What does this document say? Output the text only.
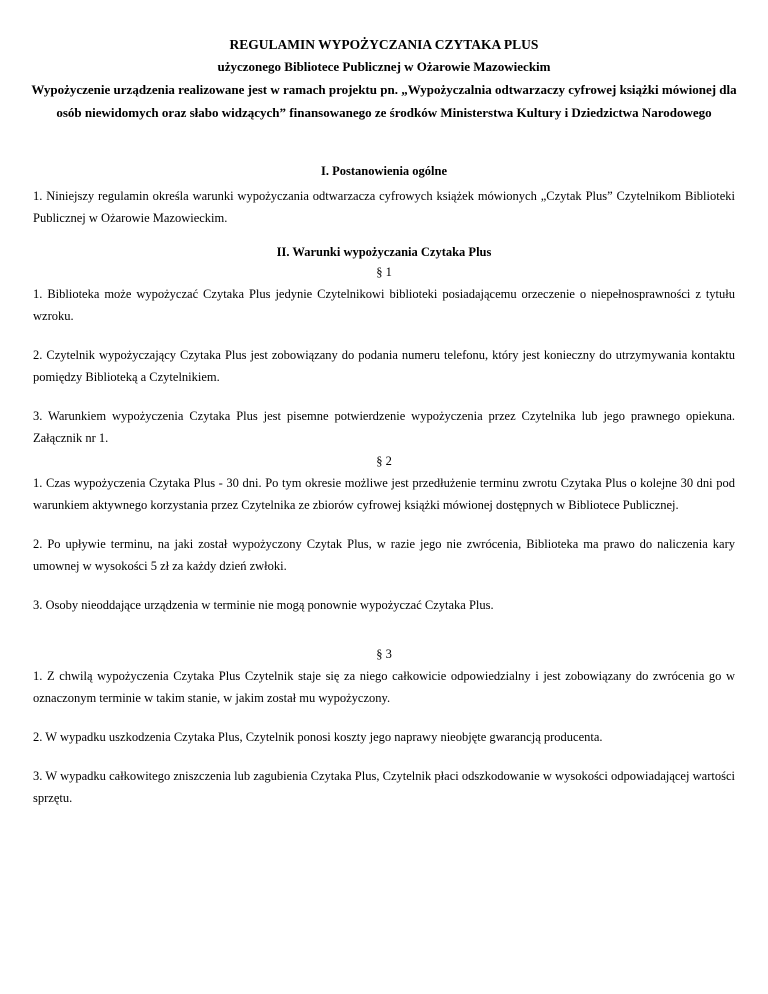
REGULAMIN WYPOŻYCZANIA CZYTAKA PLUS

użyczonego Bibliotece Publicznej w Ożarowie Mazowieckim

Wypożyczenie urządzenia realizowane jest w ramach projektu pn. „Wypożyczalnia odtwarzaczy cyfrowej książki mówionej dla osób niewidomych oraz słabo widzących” finansowanego ze środków Ministerstwa Kultury i Dziedzictwa Narodowego

I. Postanowienia ogólne

1. Niniejszy regulamin określa warunki wypożyczania odtwarzacza cyfrowych książek mówionych „Czytak Plus” Czytelnikom Biblioteki Publicznej w Ożarowie Mazowieckim.

II. Warunki wypożyczania Czytaka Plus

§ 1

1. Biblioteka może wypożyczać Czytaka Plus jedynie Czytelnikowi biblioteki posiadającemu orzeczenie o niepełnosprawności z tytułu wzroku.

2. Czytelnik wypożyczający Czytaka Plus jest zobowiązany do podania numeru telefonu, który jest konieczny do utrzymywania kontaktu pomiędzy Biblioteką a Czytelnikiem.

3. Warunkiem wypożyczenia Czytaka Plus jest pisemne potwierdzenie wypożyczenia przez Czytelnika lub jego prawnego opiekuna. Załącznik nr 1.

§ 2

1. Czas wypożyczenia Czytaka Plus - 30 dni. Po tym okresie możliwe jest przedłużenie terminu zwrotu Czytaka Plus o kolejne 30 dni pod warunkiem aktywnego korzystania przez Czytelnika ze zbiorów cyfrowej książki mówionej dostępnych w Bibliotece Publicznej.

2. Po upływie terminu, na jaki został wypożyczony Czytak Plus, w razie jego nie zwrócenia, Biblioteka ma prawo do naliczenia kary umownej w wysokości 5 zł za każdy dzień zwłoki.

3. Osoby nieoddające urządzenia w terminie nie mogą ponownie wypożyczać Czytaka Plus.

§ 3

1. Z chwilą wypożyczenia Czytaka Plus Czytelnik staje się za niego całkowicie odpowiedzialny i jest zobowiązany do zwrócenia go w oznaczonym terminie w takim stanie, w jakim został mu wypożyczony.

2. W wypadku uszkodzenia Czytaka Plus, Czytelnik ponosi koszty jego naprawy nieobjęte gwarancją producenta.

3. W wypadku całkowitego zniszczenia lub zagubienia Czytaka Plus, Czytelnik płaci odszkodowanie w wysokości odpowiadającej wartości sprzętu.
